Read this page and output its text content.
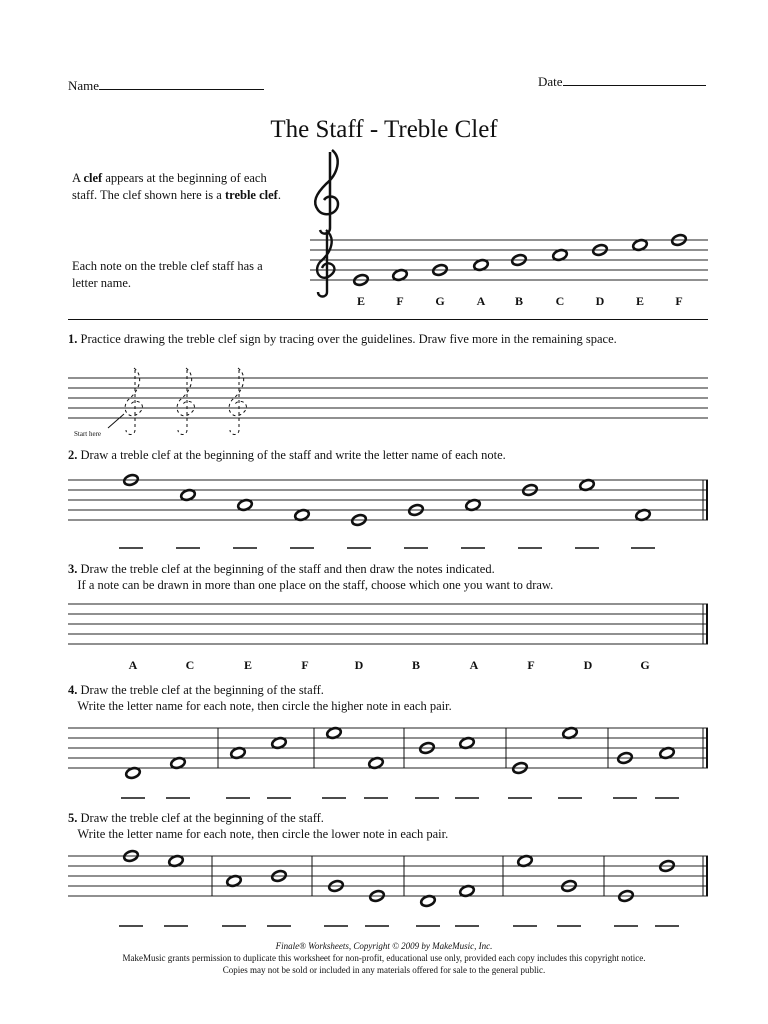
Name	Date
The Staff - Treble Clef
A clef appears at the beginning of each staff. The clef shown here is a treble clef.
Each note on the treble clef staff has a letter name.
E	F	G	A	B	C	D	E	F
1. Practice drawing the treble clef sign by tracing over the guidelines. Draw five more in the remaining space.
Start here
2. Draw a treble clef at the beginning of the staff and write the letter name of each note.
3. Draw the treble clef at the beginning of the staff and then draw the notes indicated.
If a note can be drawn in more than one place on the staff, choose which one you want to draw.
A	C	E	F	D	B	A	F	D	G
4. Draw the treble clef at the beginning of the staff.
Write the letter name for each note, then circle the higher note in each pair.
5. Draw the treble clef at the beginning of the staff.
Write the letter name for each note, then circle the lower note in each pair.
Finale® Worksheets, Copyright © 2009 by MakeMusic, Inc.
MakeMusic grants permission to duplicate this worksheet for non-profit, educational use only, provided each copy includes this copyright notice.
Copies may not be sold or included in any materials offered for sale to the general public.
